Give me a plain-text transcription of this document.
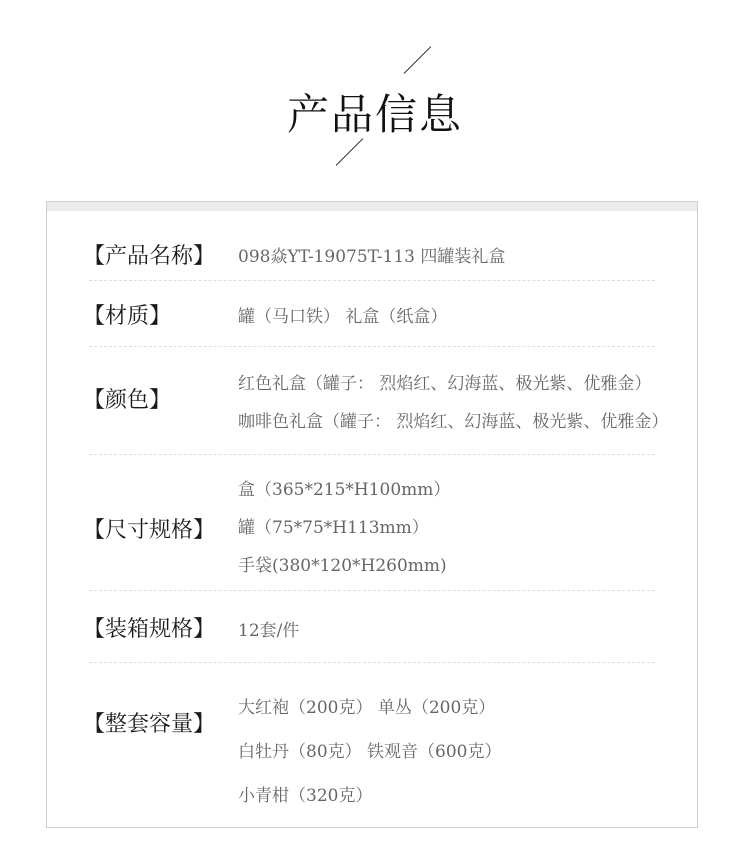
产品信息
【产品名称】 098焱YT-19075T-113 四罐装礼盒
【材质】	罐（马口铁） 礼盒（纸盒）
【颜色】
红色礼盒（罐子： 烈焰红、幻海蓝、极光紫、优雅金）
咖啡色礼盒（罐子： 烈焰红、幻海蓝、极光紫、优雅金）
【尺寸规格】
盒（365*215*H100mm）
罐（75*75*H113mm）
手袋(380*120*H260mm)
【装箱规格】 12套/件
【整套容量】
大红袍（200克） 单丛（200克）
白牡丹（80克） 铁观音（600克）
小青柑（320克）
